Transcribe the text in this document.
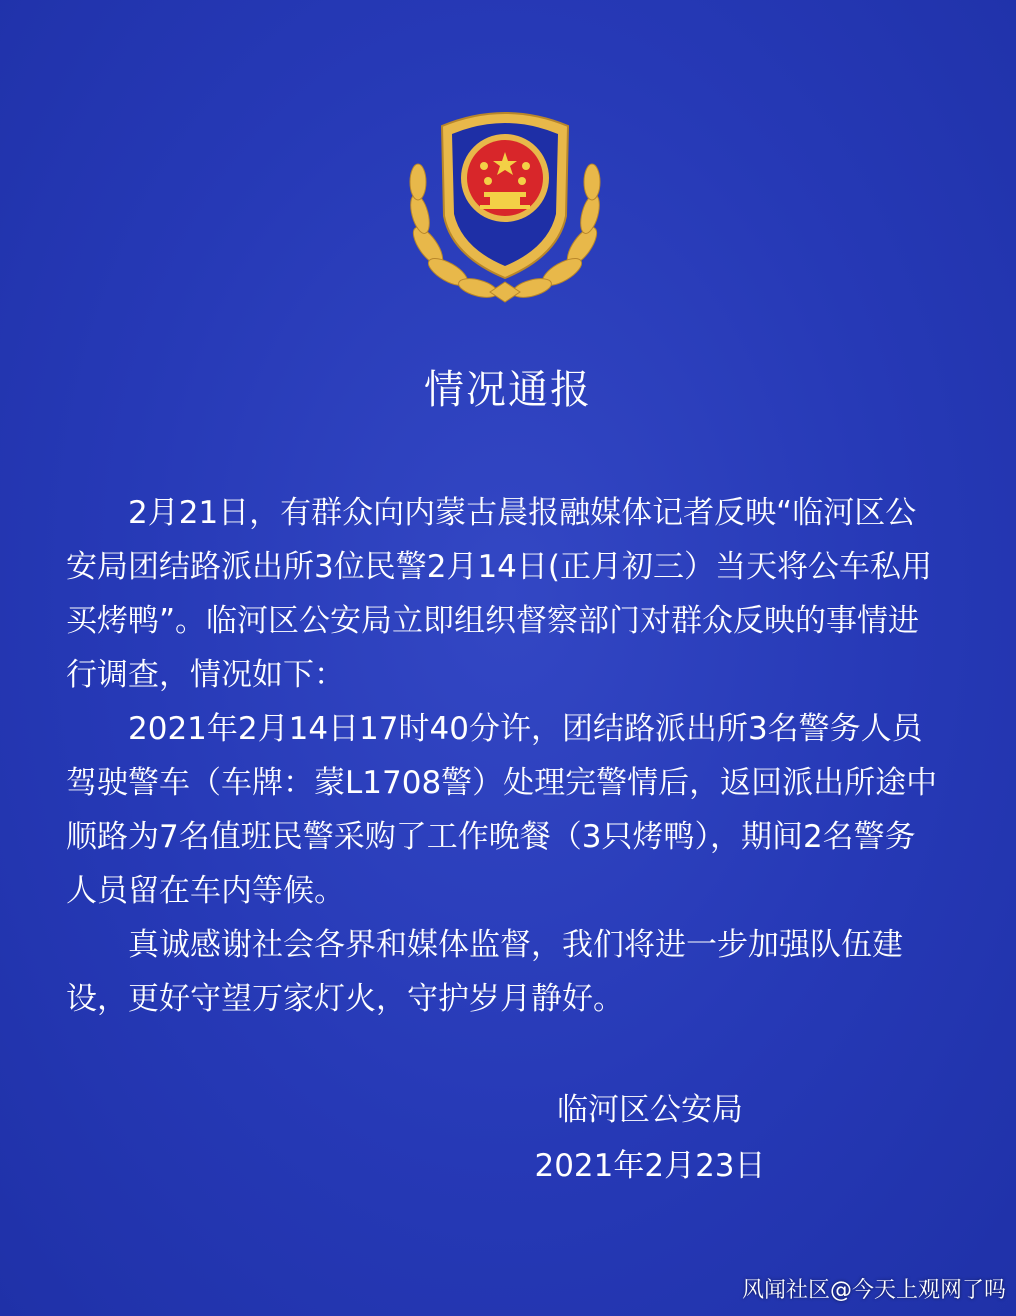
情况通报

2月21日，有群众向内蒙古晨报融媒体记者反映“临河区公安局团结路派出所3位民警2月14日(正月初三）当天将公车私用买烤鸭”。临河区公安局立即组织督察部门对群众反映的事情进行调查，情况如下：

2021年2月14日17时40分许，团结路派出所3名警务人员驾驶警车（车牌：蒙L1708警）处理完警情后，返回派出所途中顺路为7名值班民警采购了工作晚餐（3只烤鸭），期间2名警务人员留在车内等候。

真诚感谢社会各界和媒体监督，我们将进一步加强队伍建设，更好守望万家灯火，守护岁月静好。

临河区公安局
2021年2月23日
风闻社区@今天上观网了吗
